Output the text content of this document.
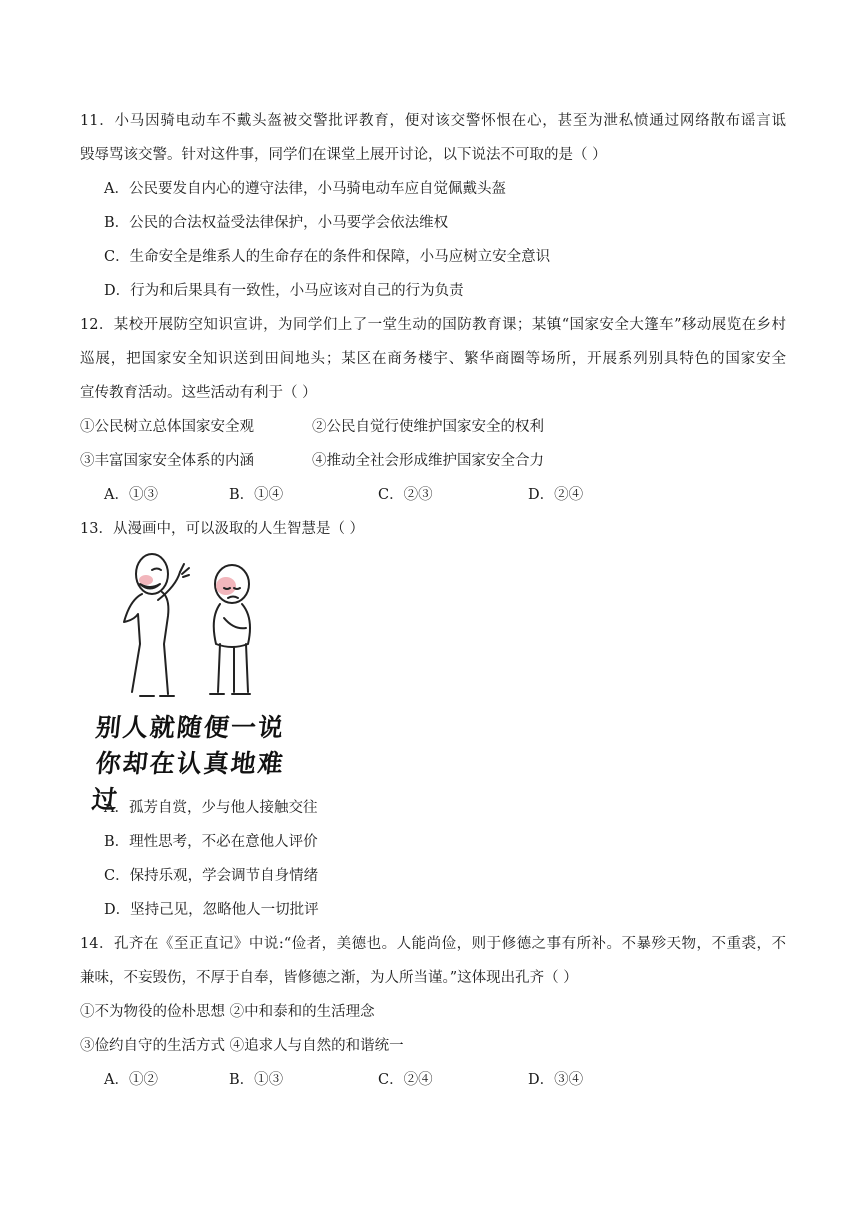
11．小马因骑电动车不戴头盔被交警批评教育，便对该交警怀恨在心，甚至为泄私愤通过网络散布谣言诋
毁辱骂该交警。针对这件事，同学们在课堂上展开讨论，以下说法不可取的是（ ）
A．公民要发自内心的遵守法律，小马骑电动车应自觉佩戴头盔
B．公民的合法权益受法律保护，小马要学会依法维权
C．生命安全是维系人的生命存在的条件和保障，小马应树立安全意识
D．行为和后果具有一致性，小马应该对自己的行为负责
12．某校开展防空知识宣讲，为同学们上了一堂生动的国防教育课；某镇“国家安全大篷车”移动展览在乡村
巡展，把国家安全知识送到田间地头；某区在商务楼宇、繁华商圈等场所，开展系列别具特色的国家安全
宣传教育活动。这些活动有利于（ ）
①公民树立总体国家安全观	②公民自觉行使维护国家安全的权利
③丰富国家安全体系的内涵	④推动全社会形成维护国家安全合力
A．①③	B．①④	C．②③	D．②④
13．从漫画中，可以汲取的人生智慧是（ ）
别人就随便一说
你却在认真地难过
A．孤芳自赏，少与他人接触交往
B．理性思考，不必在意他人评价
C．保持乐观，学会调节自身情绪
D．坚持己见，忽略他人一切批评
14．孔齐在《至正直记》中说:“俭者，美德也。人能尚俭，则于修德之事有所补。不暴殄天物，不重裘，不
兼味，不妄毁伤，不厚于自奉，皆修德之渐，为人所当谨。”这体现出孔齐（ ）
①不为物役的俭朴思想 ②中和泰和的生活理念
③俭约自守的生活方式 ④追求人与自然的和谐统一
A．①②	B．①③	C．②④	D．③④
